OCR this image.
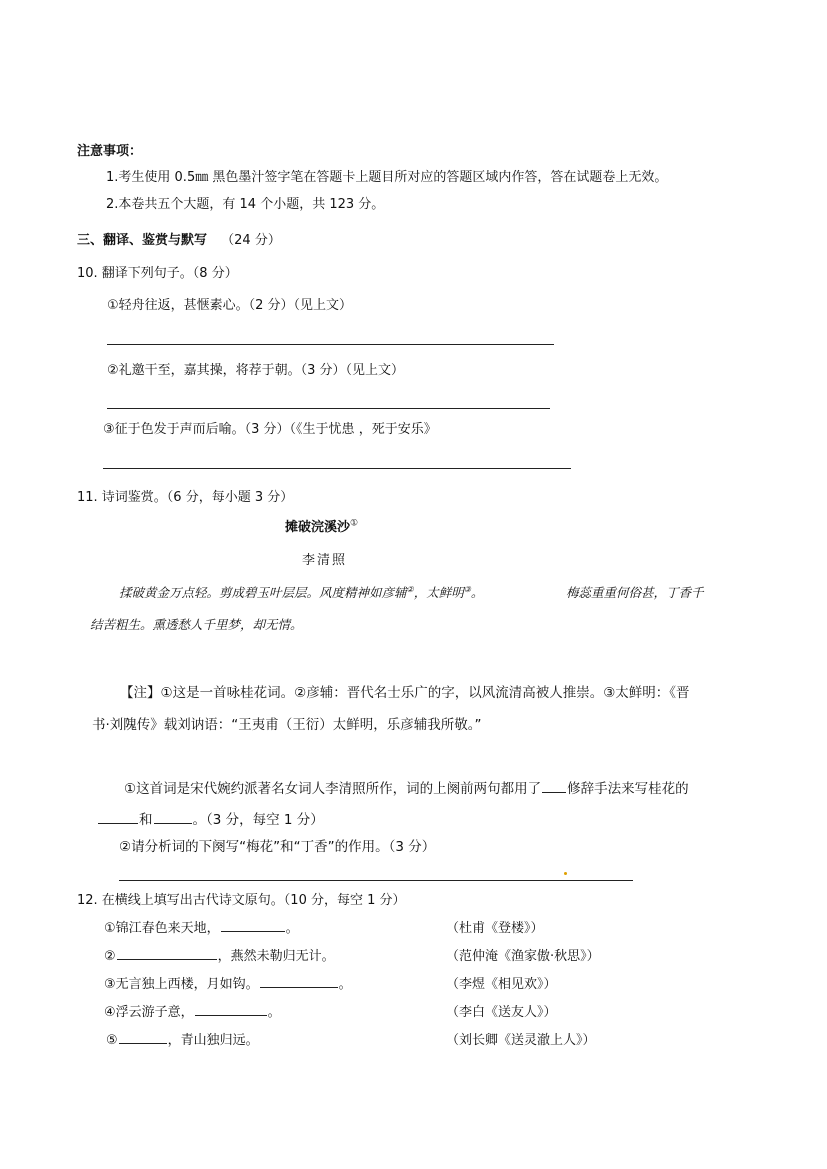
注意事项：
1.考生使用 0.5㎜ 黑色墨汁签字笔在答题卡上题目所对应的答题区域内作答，答在试题卷上无效。
2.本卷共五个大题，有 14 个小题，共 123 分。
三、翻译、鉴赏与默写 （24 分）
10. 翻译下列句子。（8 分）
①轻舟往返，甚惬素心。（2 分）（见上文）
②礼邀干至，嘉其操，将荐于朝。（3 分）（见上文）
③征于色发于声而后喻。（3 分）（《生于忧患 ，死于安乐》
11. 诗词鉴赏。（6 分，每小题 3 分）
摊破浣溪沙①
李清照
揉破黄金万点轻。剪成碧玉叶层层。风度精神如彦辅②，太鲜明③。	梅蕊重重何俗甚，丁香千
结苦粗生。熏透愁人千里梦，却无情。
【注】①这是一首咏桂花词。②彦辅：晋代名士乐广的字，以风流清高被人推崇。③太鲜明：《晋
书·刘隗传》载刘讷语：“王夷甫（王衍）太鲜明，乐彦辅我所敬。”
①这首词是宋代婉约派著名女词人李清照所作，词的上阕前两句都用了 修辞手法来写桂花的
和	。（3 分，每空 1 分）
②请分析词的下阕写“梅花”和“丁香”的作用。（3 分）
12. 在横线上填写出古代诗文原句。（10 分，每空 1 分）
①锦江春色来天地，	。	（杜甫《登楼》）
②	，燕然未勒归无计。	（范仲淹《渔家傲·秋思》）
③无言独上西楼，月如钩。	。	（李煜《相见欢》）
④浮云游子意，	。	（李白《送友人》）
⑤	，青山独归远。	（刘长卿《送灵澈上人》）
